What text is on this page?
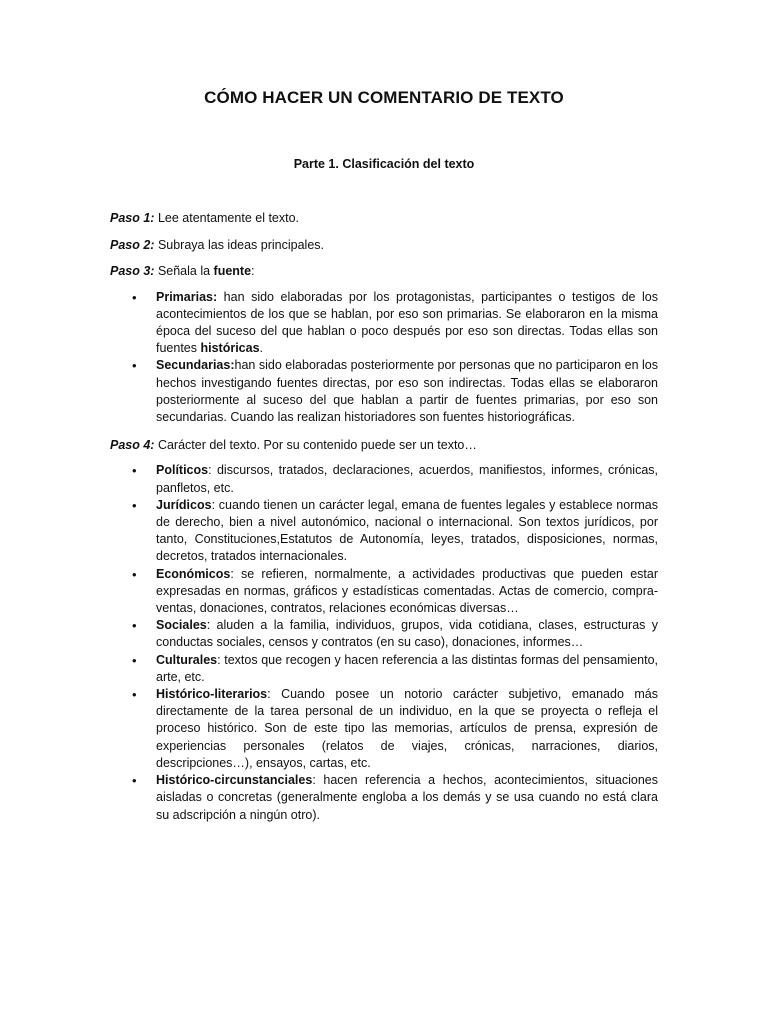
CÓMO HACER UN COMENTARIO DE TEXTO
Parte 1. Clasificación del texto

Paso 1: Lee atentamente el texto.

Paso 2: Subraya las ideas principales.

Paso 3: Señala la fuente:

• Primarias: han sido elaboradas por los protagonistas, participantes o testigos de los acontecimientos de los que se hablan, por eso son primarias. Se elaboraron en la misma época del suceso del que hablan o poco después por eso son directas. Todas ellas son fuentes históricas.
• Secundarias:han sido elaboradas posteriormente por personas que no participaron en los hechos investigando fuentes directas, por eso son indirectas. Todas ellas se elaboraron posteriormente al suceso del que hablan a partir de fuentes primarias, por eso son secundarias. Cuando las realizan historiadores son fuentes historiográficas.

Paso 4: Carácter del texto. Por su contenido puede ser un texto…

• Políticos: discursos, tratados, declaraciones, acuerdos, manifiestos, informes, crónicas, panfletos, etc.
• Jurídicos: cuando tienen un carácter legal, emana de fuentes legales y establece normas de derecho, bien a nivel autonómico, nacional o internacional. Son textos jurídicos, por tanto, Constituciones,Estatutos de Autonomía, leyes, tratados, disposiciones, normas, decretos, tratados internacionales.
• Económicos: se refieren, normalmente, a actividades productivas que pueden estar expresadas en normas, gráficos y estadísticas comentadas. Actas de comercio, compra-ventas, donaciones, contratos, relaciones económicas diversas…
• Sociales: aluden a la familia, individuos, grupos, vida cotidiana, clases, estructuras y conductas sociales, censos y contratos (en su caso), donaciones, informes…
• Culturales: textos que recogen y hacen referencia a las distintas formas del pensamiento, arte, etc.
• Histórico-literarios: Cuando posee un notorio carácter subjetivo, emanado más directamente de la tarea personal de un individuo, en la que se proyecta o refleja el proceso histórico. Son de este tipo las memorias, artículos de prensa, expresión de experiencias personales (relatos de viajes, crónicas, narraciones, diarios, descripciones…), ensayos, cartas, etc.
• Histórico-circunstanciales: hacen referencia a hechos, acontecimientos, situaciones aisladas o concretas (generalmente engloba a los demás y se usa cuando no está clara su adscripción a ningún otro).
